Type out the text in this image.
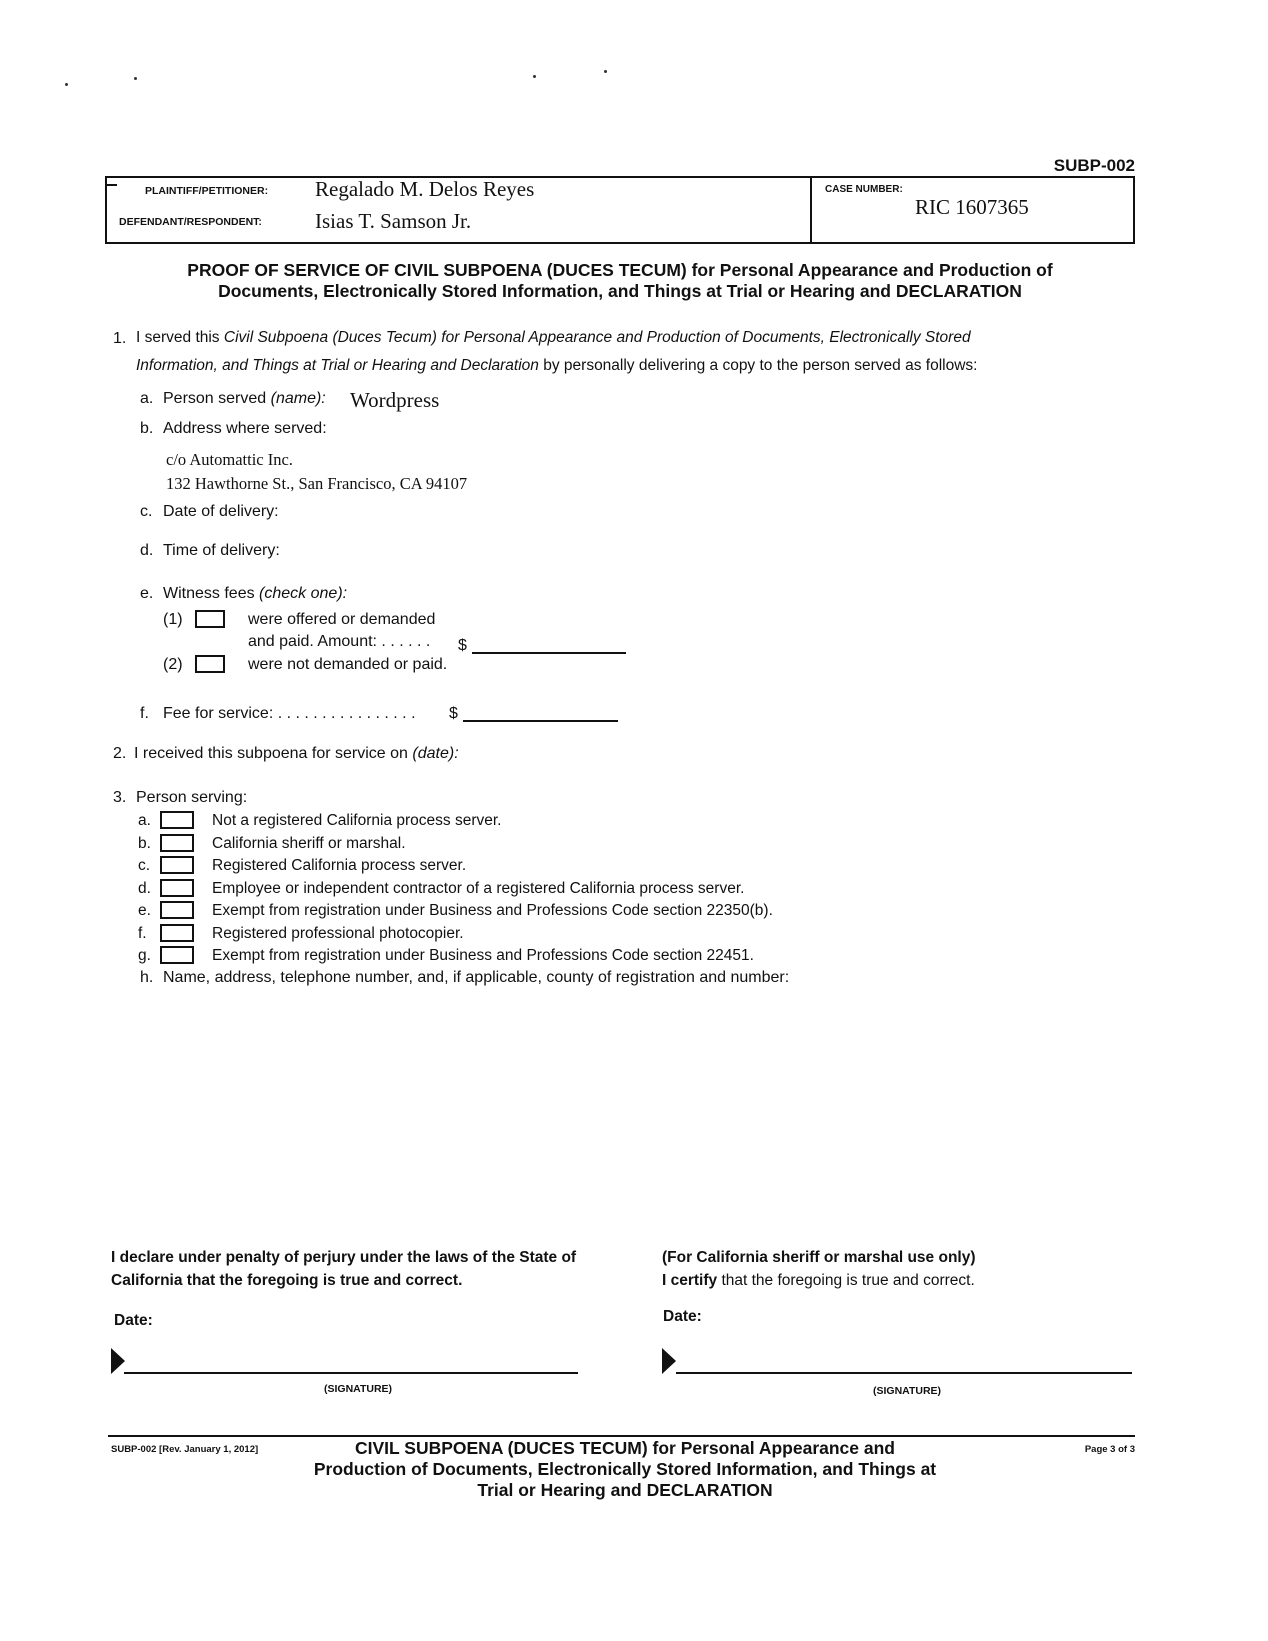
SUBP-002
PLAINTIFF/PETITIONER: Regalado M. Delos Reyes
DEFENDANT/RESPONDENT:	Isias T. Samson Jr.
CASE NUMBER:
RIC 1607365
PROOF OF SERVICE OF CIVIL SUBPOENA (DUCES TECUM) for Personal Appearance and Production of
Documents, Electronically Stored Information, and Things at Trial or Hearing and DECLARATION
1. I served this Civil Subpoena (Duces Tecum) for Personal Appearance and Production of Documents, Electronically Stored
Information, and Things at Trial or Hearing and Declaration by personally delivering a copy to the person served as follows:
a. Person served (name): Wordpress
b. Address where served:
c/o Automattic Inc.
132 Hawthorne St., San Francisco, CA 94107
c. Date of delivery:
d. Time of delivery:
e. Witness fees (check one):
(1)	were offered or demanded
and paid. Amount: . . . . . . $
(2)	were not demanded or paid.
f. Fee for service: . . . . . . . . . . . . . . . . $
2. I received this subpoena for service on (date):
3. Person serving:
a.	Not a registered California process server.
b.	California sheriff or marshal.
c.	Registered California process server.
d.	Employee or independent contractor of a registered California process server.
e.	Exempt from registration under Business and Professions Code section 22350(b).
f.	Registered professional photocopier.
g.	Exempt from registration under Business and Professions Code section 22451.
h. Name, address, telephone number, and, if applicable, county of registration and number:
I declare under penalty of perjury under the laws of the State of
California that the foregoing is true and correct.
Date:
(SIGNATURE)
(For California sheriff or marshal use only)
I certify that the foregoing is true and correct.
Date:
(SIGNATURE)
SUBP-002 [Rev. January 1, 2012]	CIVIL SUBPOENA (DUCES TECUM) for Personal Appearance and
Production of Documents, Electronically Stored Information, and Things at
Trial or Hearing and DECLARATION
Page 3 of 3
